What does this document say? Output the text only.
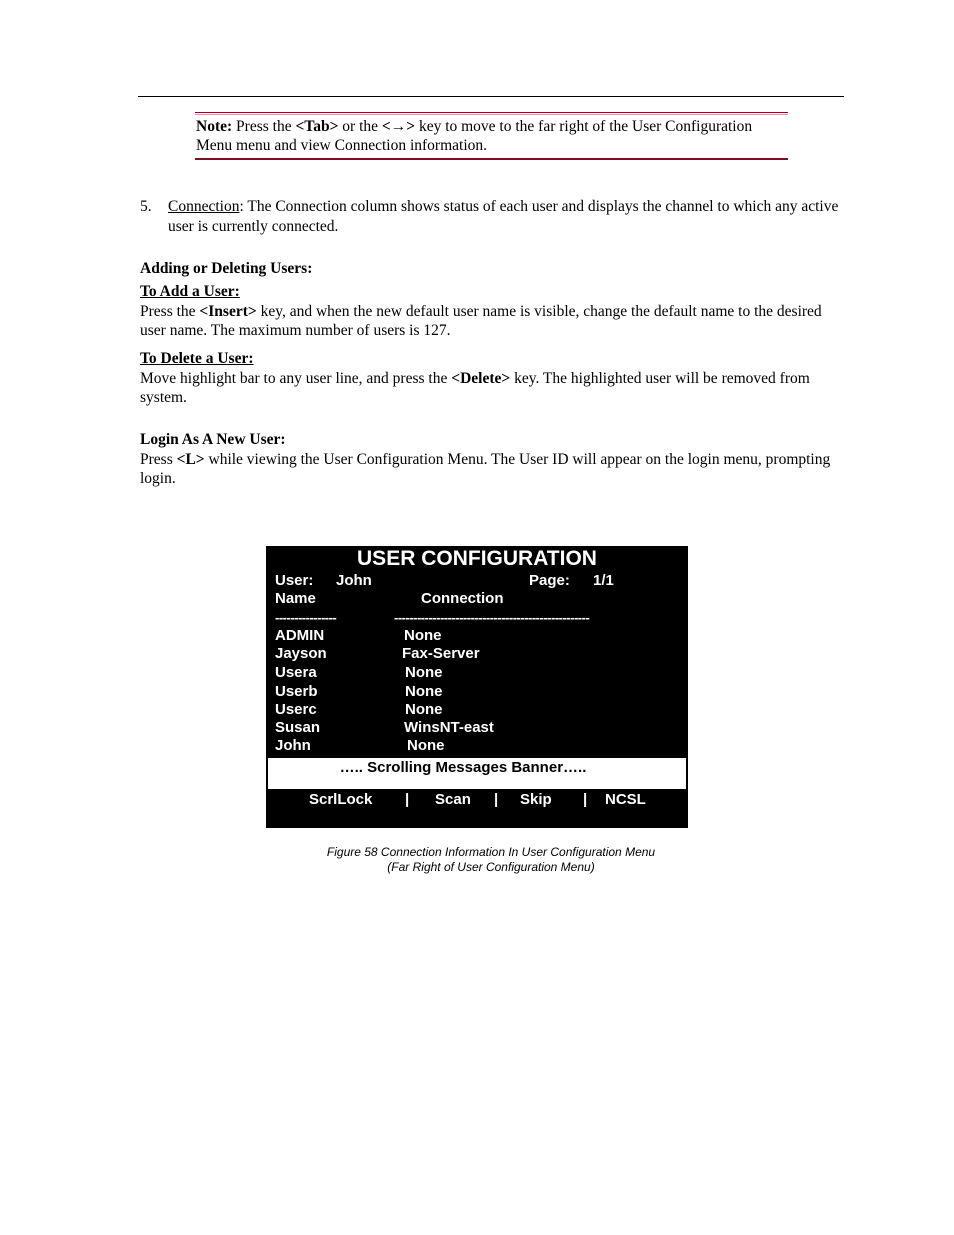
Note: Press the <Tab> or the <→> key to move to the far right of the User Configuration Menu menu and view Connection information.
5. Connection: The Connection column shows status of each user and displays the channel to which any active user is currently connected.
Adding or Deleting Users:
To Add a User:
Press the <Insert> key, and when the new default user name is visible, change the default name to the desired user name. The maximum number of users is 127.
To Delete a User:
Move highlight bar to any user line, and press the <Delete> key. The highlighted user will be removed from system.
Login As A New User:
Press <L> while viewing the User Configuration Menu. The User ID will appear on the login menu, prompting login.
USER CONFIGURATION
User: John	Page: 1/1
Name	Connection
----------------	---------------------------------------------------
ADMIN	None
Jayson	Fax-Server
Usera	None
Userb	None
Userc	None
Susan	WinsNT-east
John	None
….. Scrolling Messages Banner…..
ScrlLock | Scan | Skip | NCSL
Figure 58 Connection Information In User Configuration Menu
(Far Right of User Configuration Menu)
